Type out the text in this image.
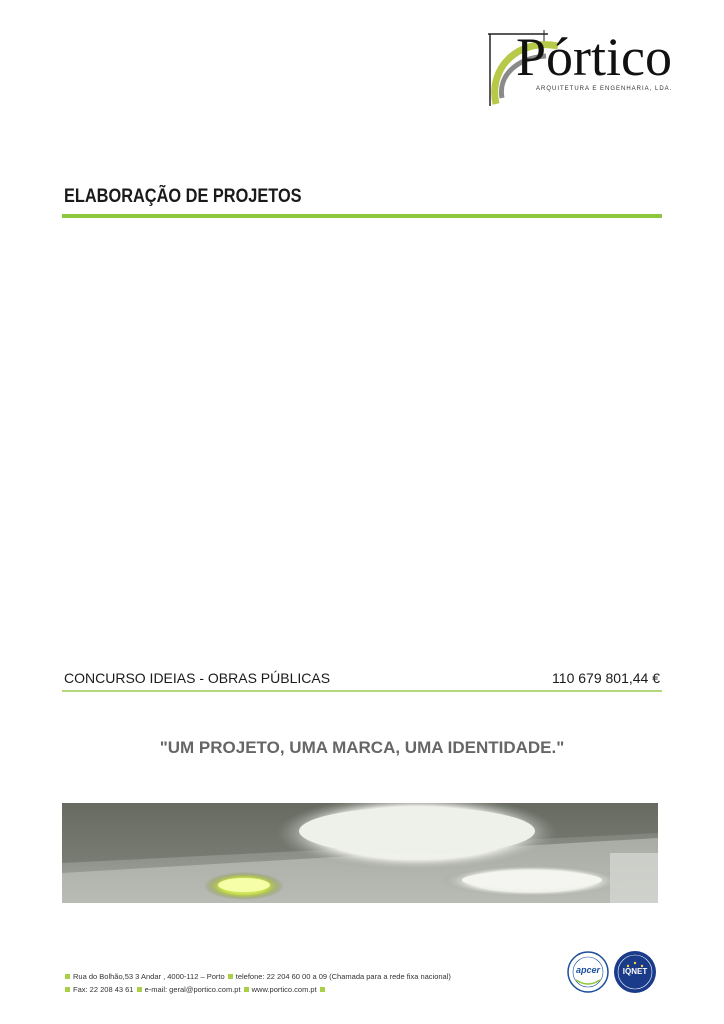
Pórtico
ARQUITETURA E ENGENHARIA, LDA.
ELABORAÇÃO DE PROJETOS
CONCURSO IDEIAS - OBRAS PÚBLICAS	110 679 801,44 €
"UM PROJETO, UMA MARCA, UMA IDENTIDADE."
Rua do Bolhão,53 3 Andar , 4000-112 – Porto telefone: 22 204 60 00 a 09 (Chamada para a rede fixa nacional)
Fax: 22 208 43 61 e-mail: geral@portico.com.pt www.portico.com.pt
apcer	IQNET
